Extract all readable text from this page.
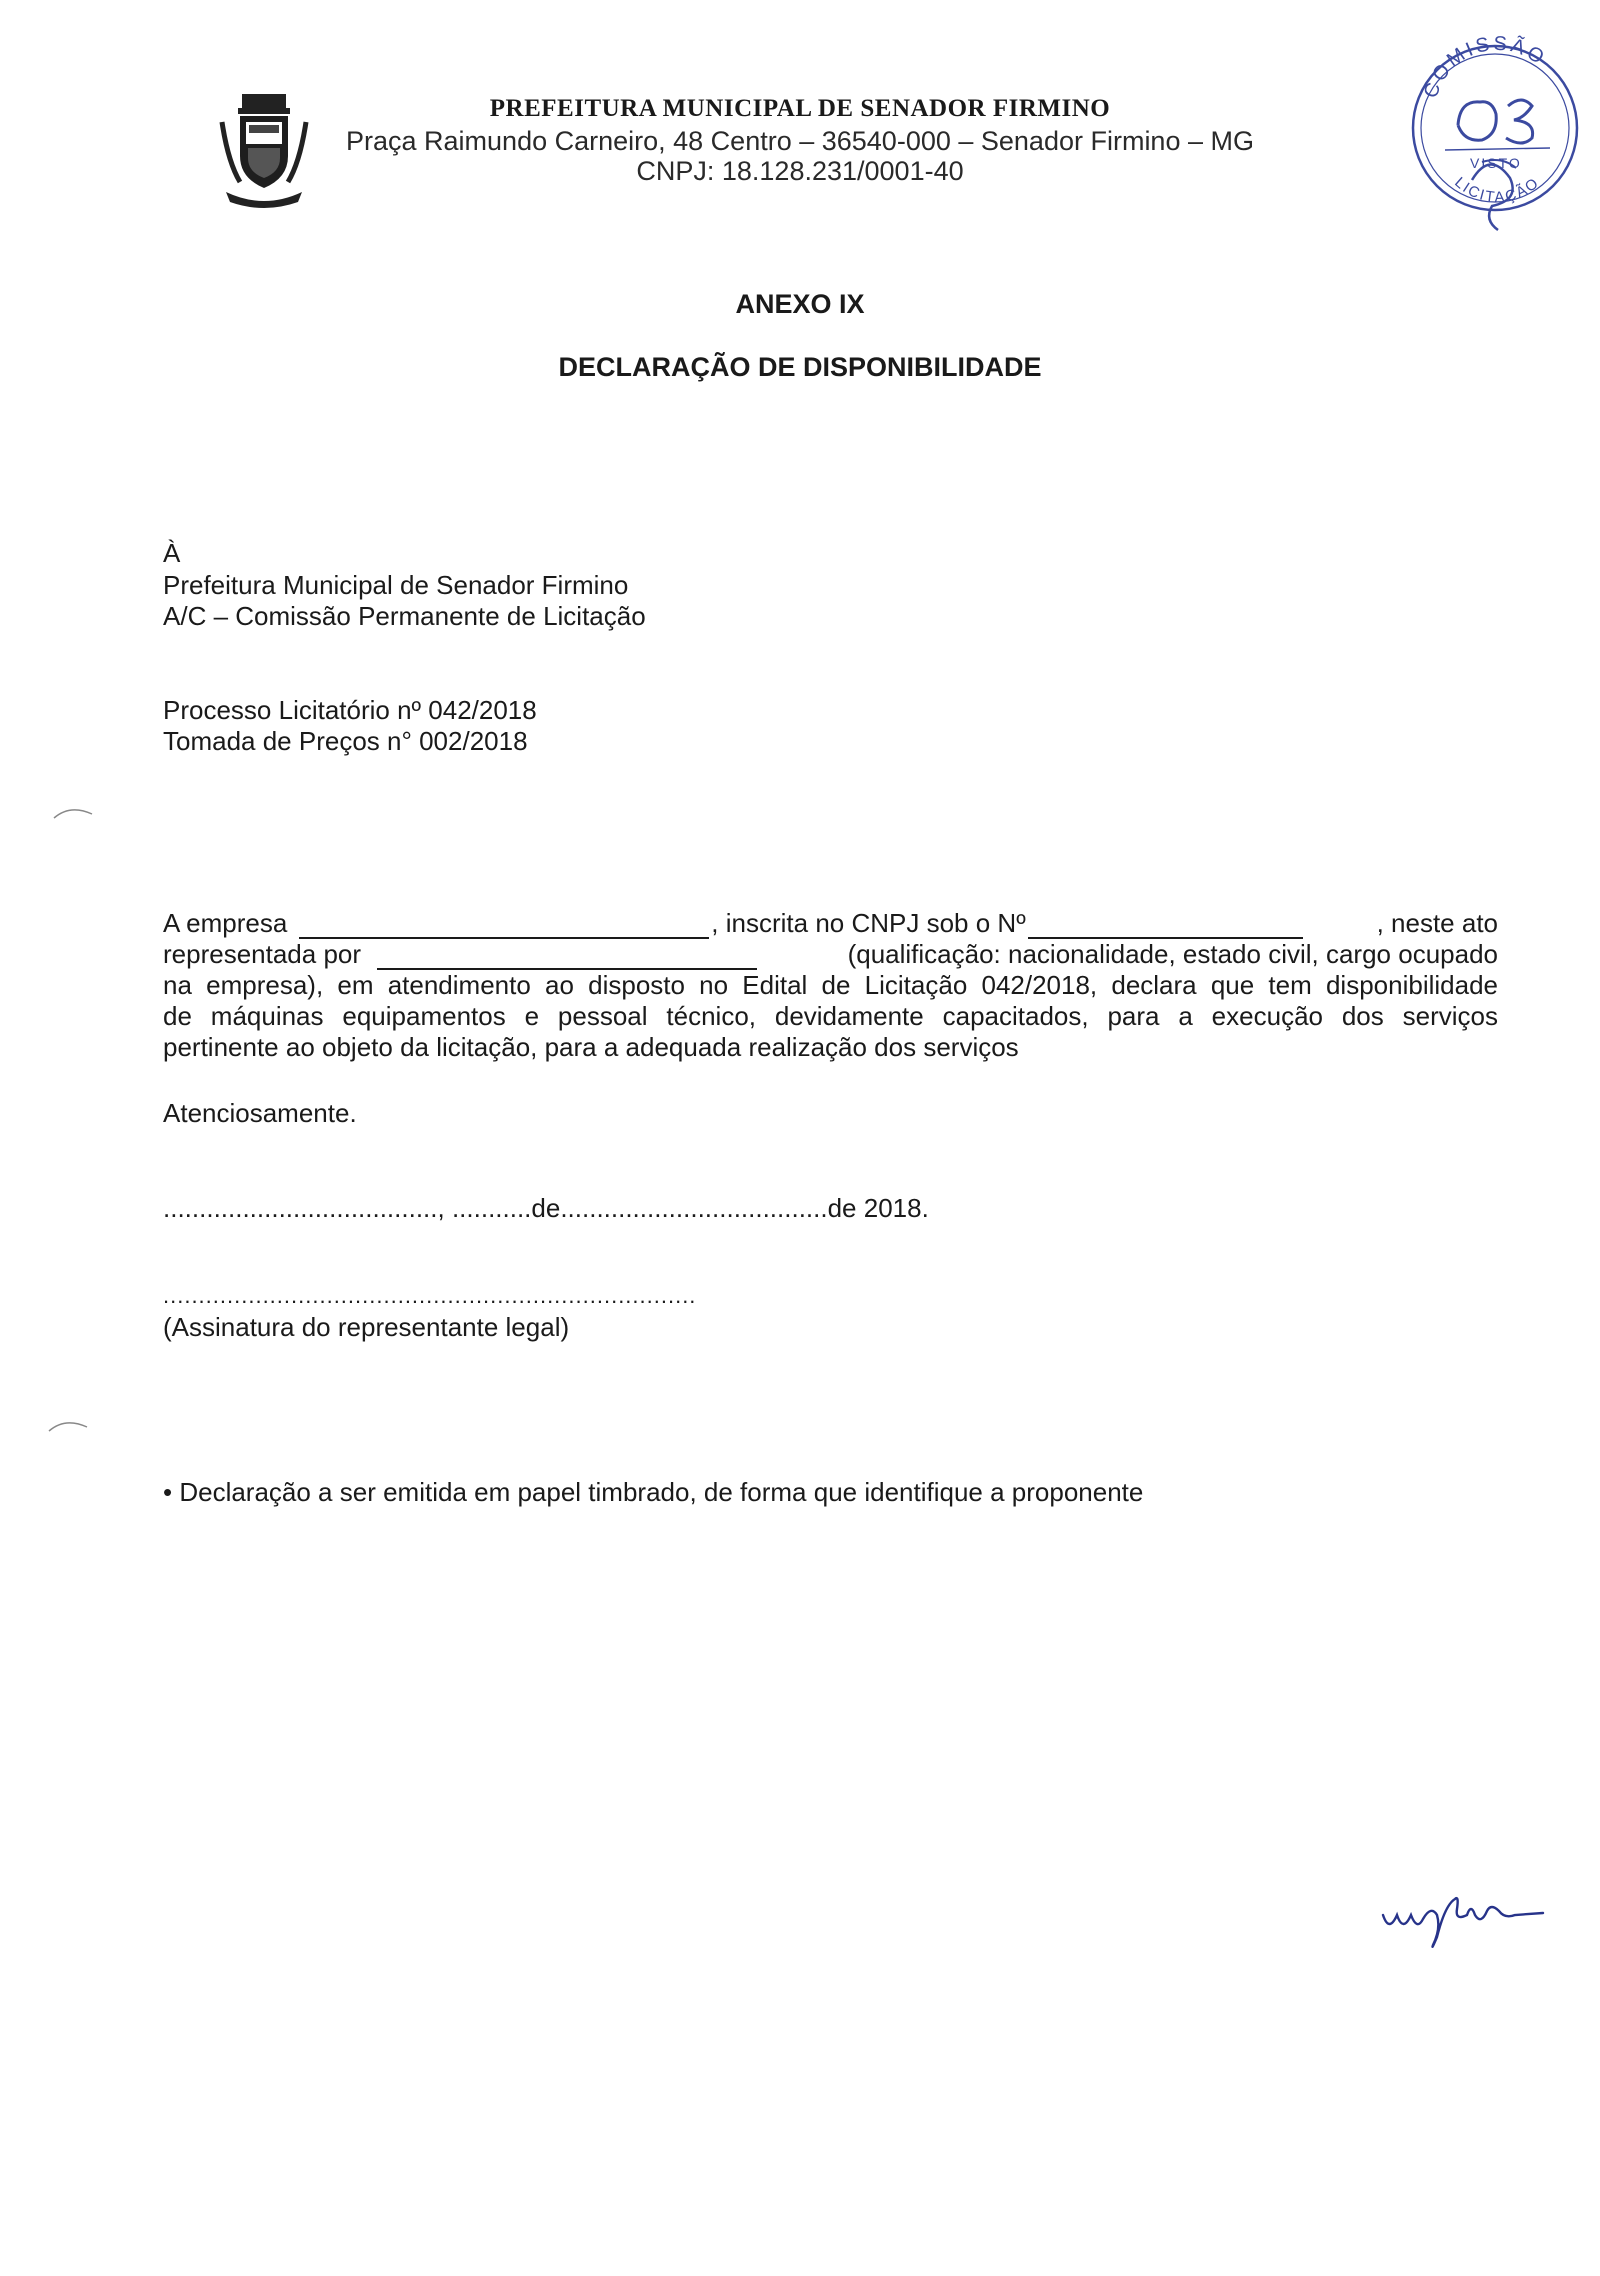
PREFEITURA MUNICIPAL DE SENADOR FIRMINO
Praça Raimundo Carneiro, 48 Centro – 36540-000 – Senador Firmino – MG
CNPJ: 18.128.231/0001-40
COMISSÃO
VISTO
LICITAÇÃO
ANEXO IX
DECLARAÇÃO DE DISPONIBILIDADE
À
Prefeitura Municipal de Senador Firmino
A/C – Comissão Permanente de Licitação
Processo Licitatório nº 042/2018
Tomada de Preços n° 002/2018
A empresa	, inscrita no CNPJ sob o Nº	, neste ato
representada por	(qualificação: nacionalidade, estado civil, cargo ocupado
na empresa), em atendimento ao disposto no Edital de Licitação 042/2018, declara que tem disponibilidade
de máquinas equipamentos e pessoal técnico, devidamente capacitados, para a execução dos serviços
pertinente ao objeto da licitação, para a adequada realização dos serviços
Atenciosamente.
......................................, ...........de.....................................de 2018.
...........................................................................
(Assinatura do representante legal)
• Declaração a ser emitida em papel timbrado, de forma que identifique a proponente
